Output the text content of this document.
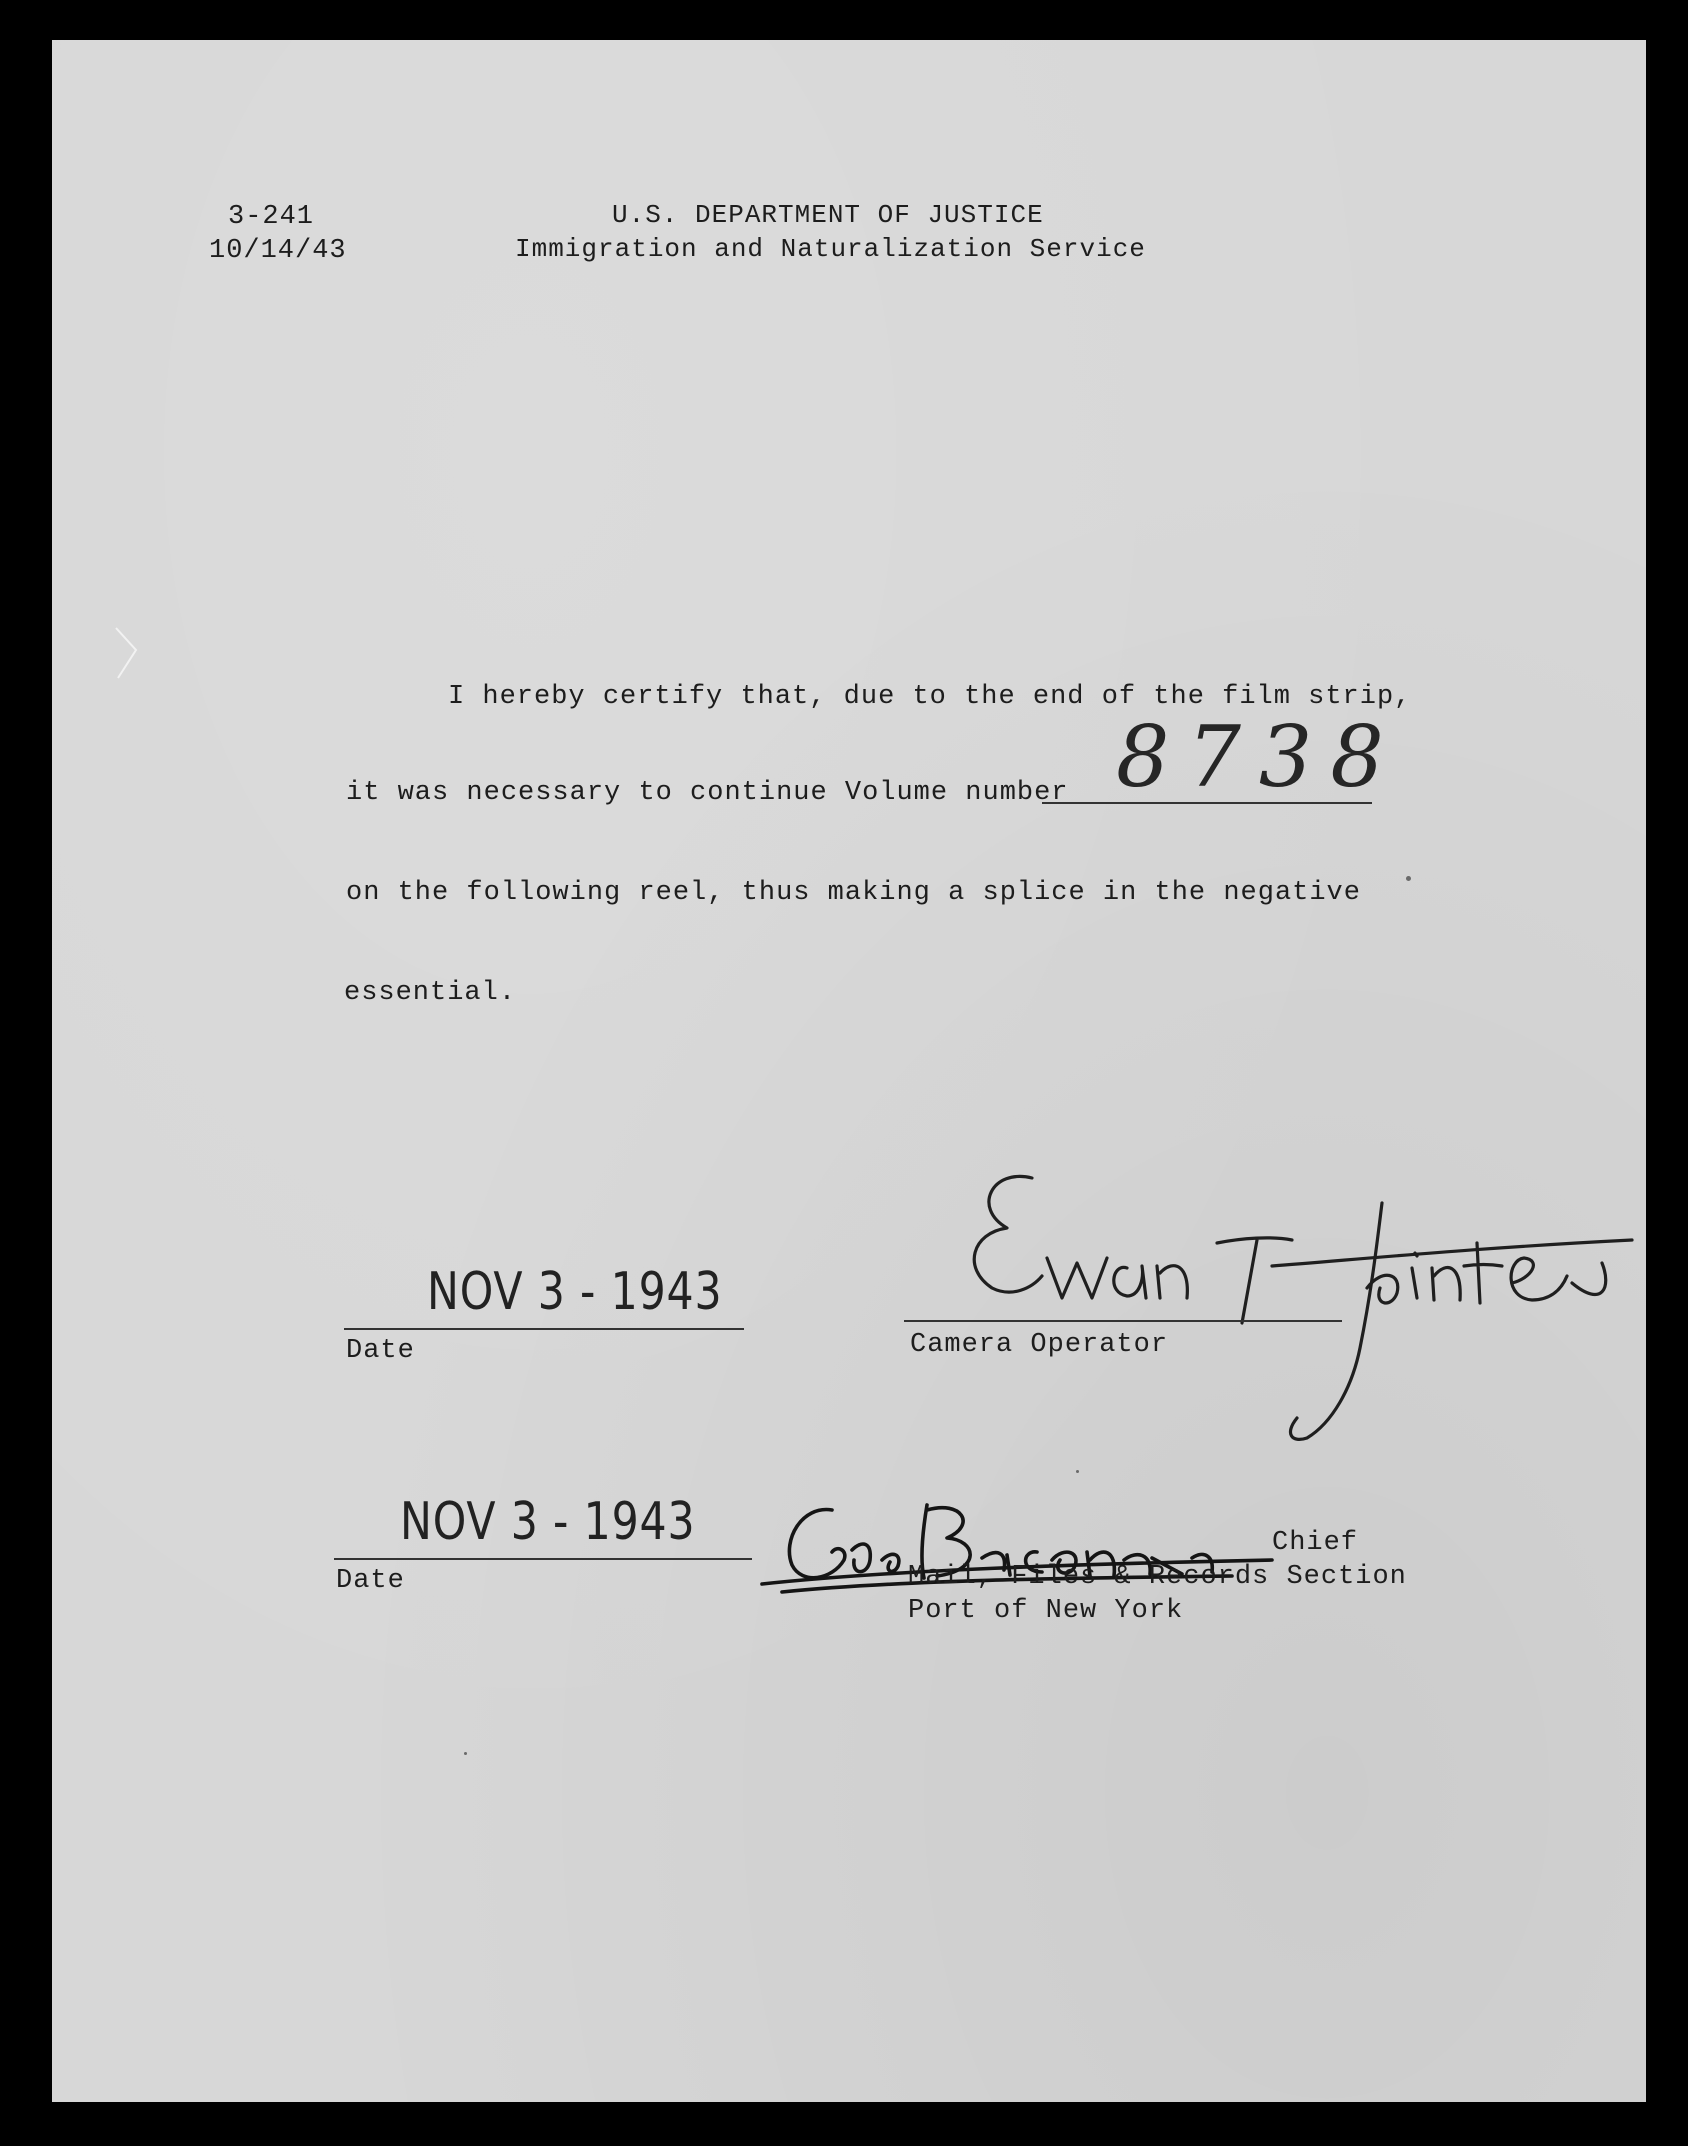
3-241
10/14/43
U.S. DEPARTMENT OF JUSTICE
Immigration and Naturalization Service
I hereby certify that, due to the end of the film strip,
it was necessary to continue Volume number 8738
on the following reel, thus making a splice in the negative
essential.
NOV 3 - 1943
Date	Camera Operator
NOV 3 - 1943
Date
Chief
Mail, Files & Records Section
Port of New York
